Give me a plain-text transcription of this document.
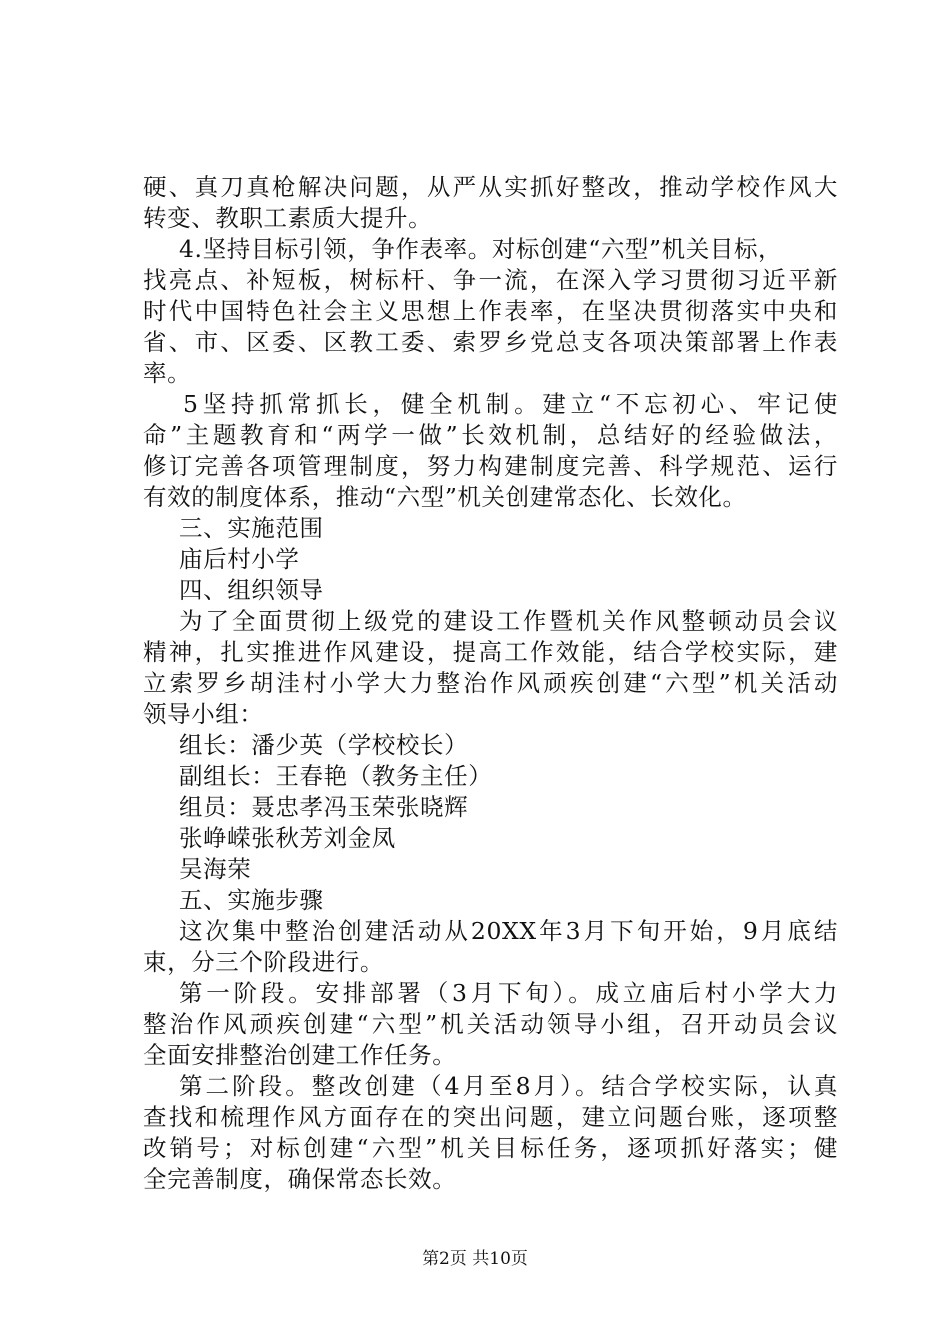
硬、真刀真枪解决问题，从严从实抓好整改，推动学校作风大
转变、教职工素质大提升。
4.坚持目标引领，争作表率。对标创建“六型”机关目标，
找亮点、补短板，树标杆、争一流，在深入学习贯彻习近平新
时代中国特色社会主义思想上作表率，在坚决贯彻落实中央和
省、市、区委、区教工委、索罗乡党总支各项决策部署上作表
率。
5坚持抓常抓长，健全机制。建立“不忘初心、牢记使
命”主题教育和“两学一做”长效机制，总结好的经验做法，
修订完善各项管理制度，努力构建制度完善、科学规范、运行
有效的制度体系，推动“六型”机关创建常态化、长效化。
三、实施范围
庙后村小学
四、组织领导
为了全面贯彻上级党的建设工作暨机关作风整顿动员会议
精神，扎实推进作风建设，提高工作效能，结合学校实际，建
立索罗乡胡洼村小学大力整治作风顽疾创建“六型”机关活动
领导小组：
组长：潘少英（学校校长）
副组长：王春艳（教务主任）
组员：聂忠孝冯玉荣张晓辉
张峥嵘张秋芳刘金凤
吴海荣
五、实施步骤
这次集中整治创建活动从20XX年3月下旬开始，9月底结
束，分三个阶段进行。
第一阶段。安排部署（3月下旬）。成立庙后村小学大力
整治作风顽疾创建“六型”机关活动领导小组，召开动员会议
全面安排整治创建工作任务。
第二阶段。整改创建（4月至8月）。结合学校实际，认真
查找和梳理作风方面存在的突出问题，建立问题台账，逐项整
改销号；对标创建“六型”机关目标任务，逐项抓好落实；健
全完善制度，确保常态长效。
第2页 共10页
